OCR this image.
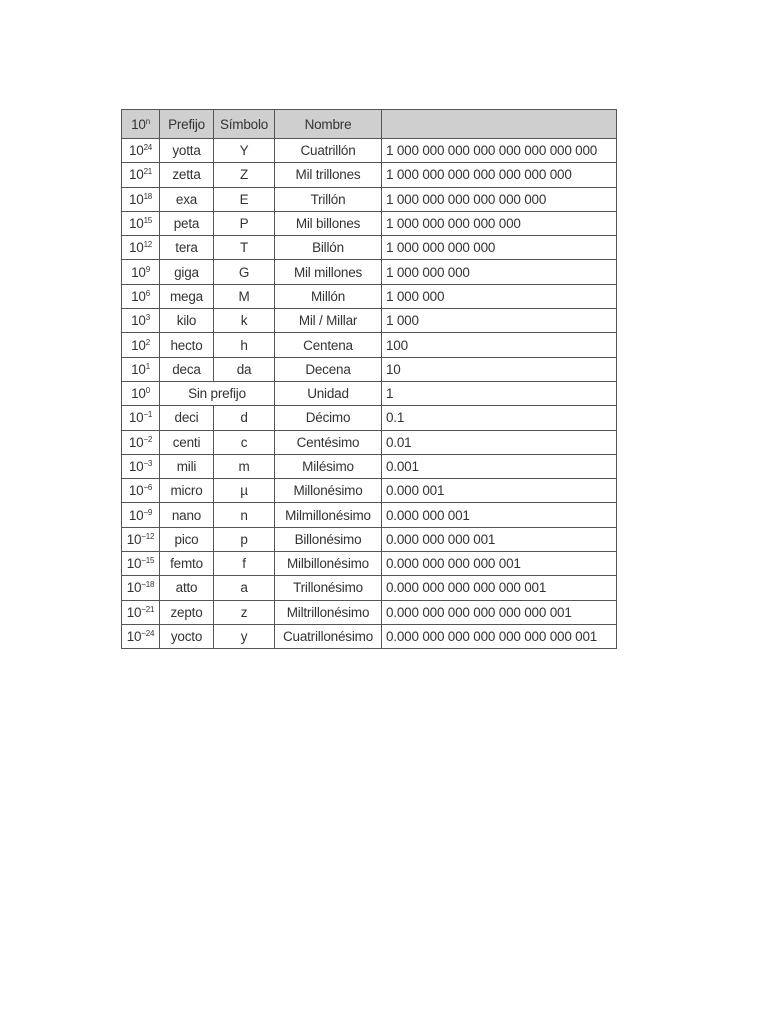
10$^n$	Prefijo	Símbolo	Nombre	
$10^{24}$	yotta	Y	Cuatrillón	1 000 000 000 000 000 000 000 000
$10^{21}$	zetta	Z	Mil trillones	1 000 000 000 000 000 000 000
$10^{18}$	exa	E	Trillón	1 000 000 000 000 000 000
$10^{15}$	peta	P	Mil billones	1 000 000 000 000 000
$10^{12}$	tera	T	Billón	1 000 000 000 000
$10^9$	giga	G	Mil millones	1 000 000 000
$10^6$	mega	M	Millón	1 000 000
$10^3$	kilo	k	Mil / Millar	1 000
$10^2$	hecto	h	Centena	100
$10^1$	deca	da	Decena	10
$10^0$	Sin prefijo		Unidad	1
$10^{-1}$	deci	d	Décimo	0.1
$10^{-2}$	centi	c	Centésimo	0.01
$10^{-3}$	mili	m	Milésimo	0.001
$10^{-6}$	micro	µ	Millonésimo	0.000 001
$10^{-9}$	nano	n	Milmillonésimo	0.000 000 001
$10^{-12}$	pico	p	Billonésimo	0.000 000 000 001
$10^{-15}$	femto	f	Milbillonésimo	0.000 000 000 000 001
$10^{-18}$	atto	a	Trillonésimo	0.000 000 000 000 000 001
$10^{-21}$	zepto	z	Miltrillonésimo	0.000 000 000 000 000 000 001
$10^{-24}$	yocto	y	Cuatrillonésimo	0.000 000 000 000 000 000 000 001
